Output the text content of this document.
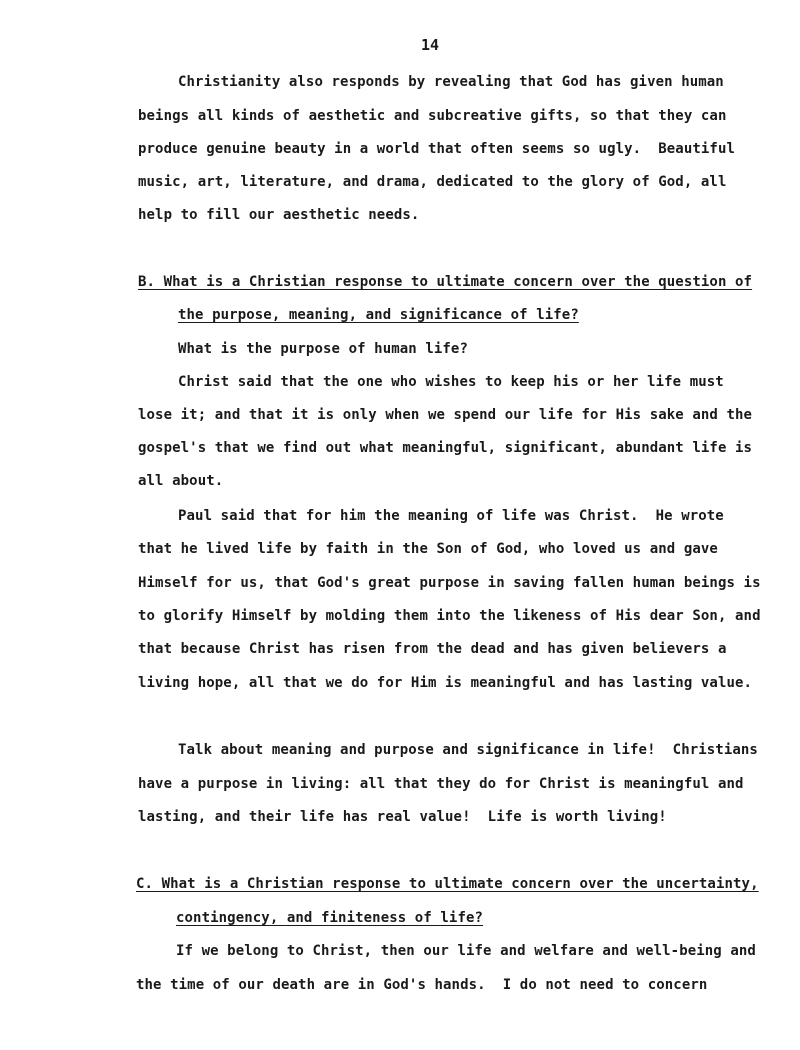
14
Christianity also responds by revealing that God has given human
beings all kinds of aesthetic and subcreative gifts, so that they can
produce genuine beauty in a world that often seems so ugly.  Beautiful
music, art, literature, and drama, dedicated to the glory of God, all
help to fill our aesthetic needs.
B. What is a Christian response to ultimate concern over the question of
the purpose, meaning, and significance of life?
What is the purpose of human life?
Christ said that the one who wishes to keep his or her life must
lose it; and that it is only when we spend our life for His sake and the
gospel's that we find out what meaningful, significant, abundant life is
all about.
Paul said that for him the meaning of life was Christ.  He wrote
that he lived life by faith in the Son of God, who loved us and gave
Himself for us, that God's great purpose in saving fallen human beings is
to glorify Himself by molding them into the likeness of His dear Son, and
that because Christ has risen from the dead and has given believers a
living hope, all that we do for Him is meaningful and has lasting value.
Talk about meaning and purpose and significance in life!  Christians
have a purpose in living: all that they do for Christ is meaningful and
lasting, and their life has real value!  Life is worth living!
C. What is a Christian response to ultimate concern over the uncertainty,
contingency, and finiteness of life?
If we belong to Christ, then our life and welfare and well-being and
the time of our death are in God's hands.  I do not need to concern
